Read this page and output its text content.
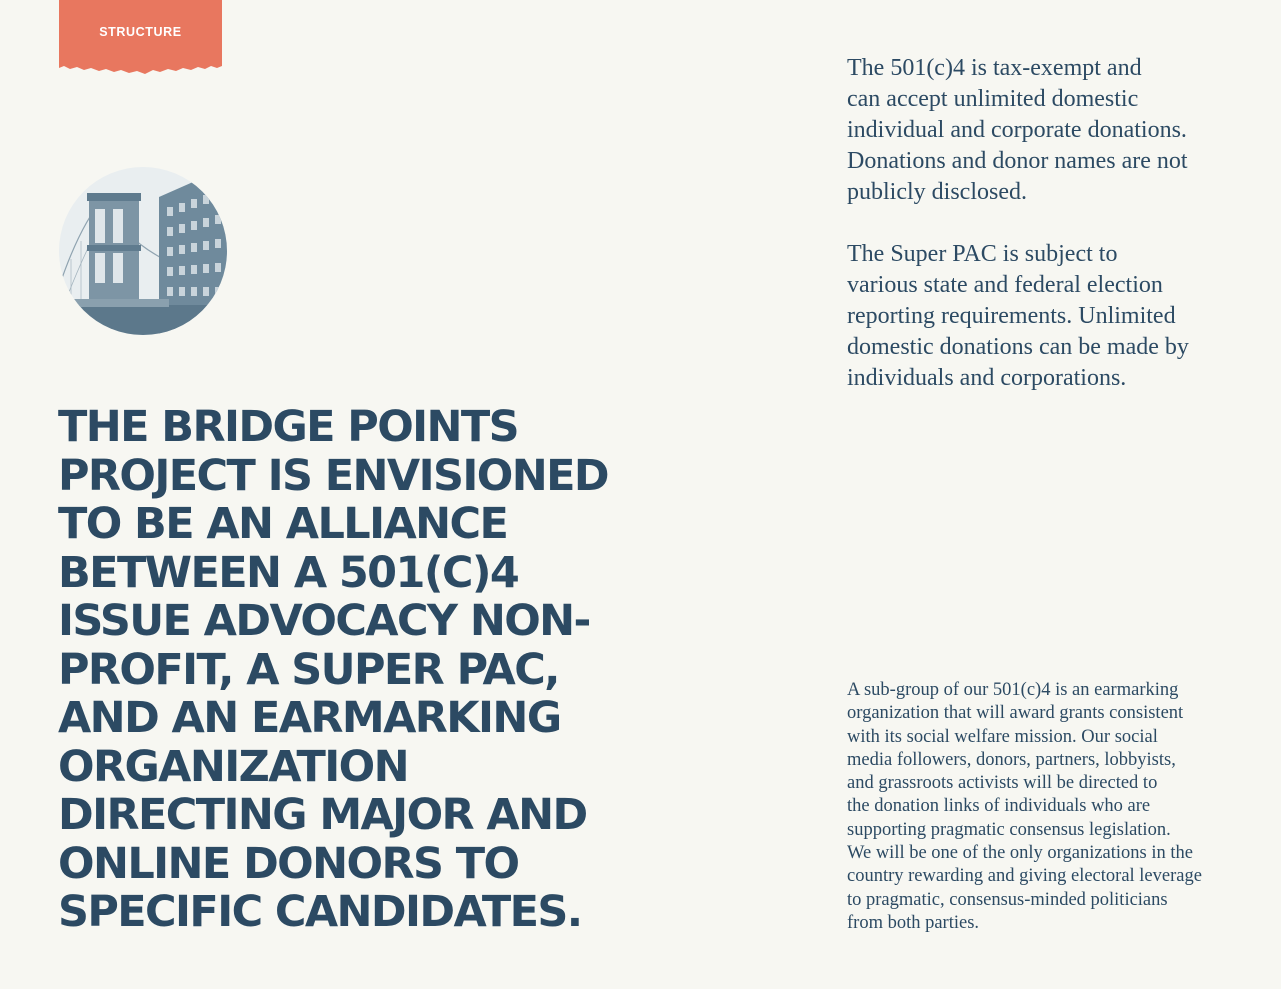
STRUCTURE
THE BRIDGE POINTS
PROJECT IS ENVISIONED
TO BE AN ALLIANCE
BETWEEN A 501(C)4
ISSUE ADVOCACY NON-
PROFIT, A SUPER PAC,
AND AN EARMARKING
ORGANIZATION
DIRECTING MAJOR AND
ONLINE DONORS TO
SPECIFIC CANDIDATES.

The 501(c)4 is tax-exempt and
can accept unlimited domestic
individual and corporate donations.
Donations and donor names are not
publicly disclosed.

The Super PAC is subject to
various state and federal election
reporting requirements. Unlimited
domestic donations can be made by
individuals and corporations.

A sub-group of our 501(c)4 is an earmarking
organization that will award grants consistent
with its social welfare mission. Our social
media followers, donors, partners, lobbyists,
and grassroots activists will be directed to
the donation links of individuals who are
supporting pragmatic consensus legislation.
We will be one of the only organizations in the
country rewarding and giving electoral leverage
to pragmatic, consensus-minded politicians
from both parties.
